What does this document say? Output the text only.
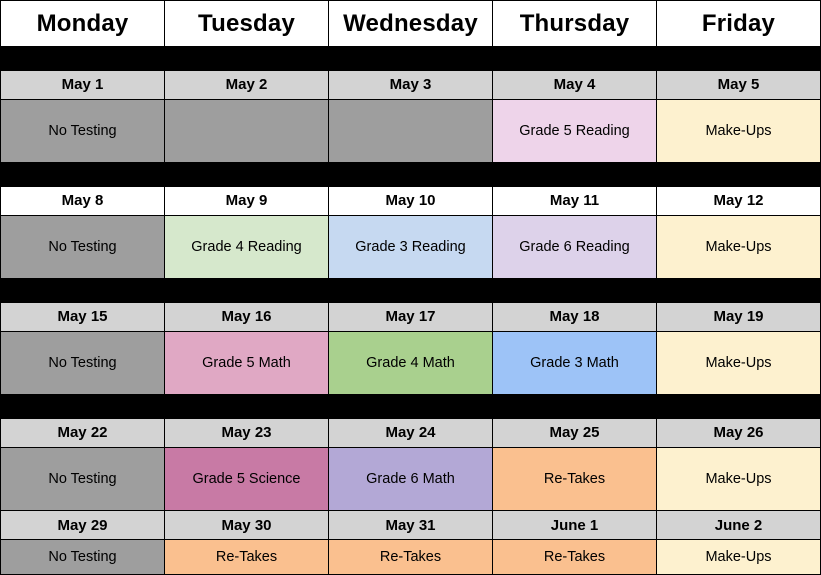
Monday	Tuesday	Wednesday	Thursday	Friday

May 1	May 2	May 3	May 4	May 5

No Testing			Grade 5 Reading	Make-Ups

May 8	May 9	May 10	May 11	May 12

No Testing	Grade 4 Reading	Grade 3 Reading	Grade 6 Reading	Make-Ups

May 15	May 16	May 17	May 18	May 19

No Testing	Grade 5 Math	Grade 4 Math	Grade 3 Math	Make-Ups

May 22	May 23	May 24	May 25	May 26

No Testing	Grade 5 Science	Grade 6 Math	Re-Takes	Make-Ups

May 29	May 30	May 31	June 1	June 2

No Testing	Re-Takes	Re-Takes	Re-Takes	Make-Ups
